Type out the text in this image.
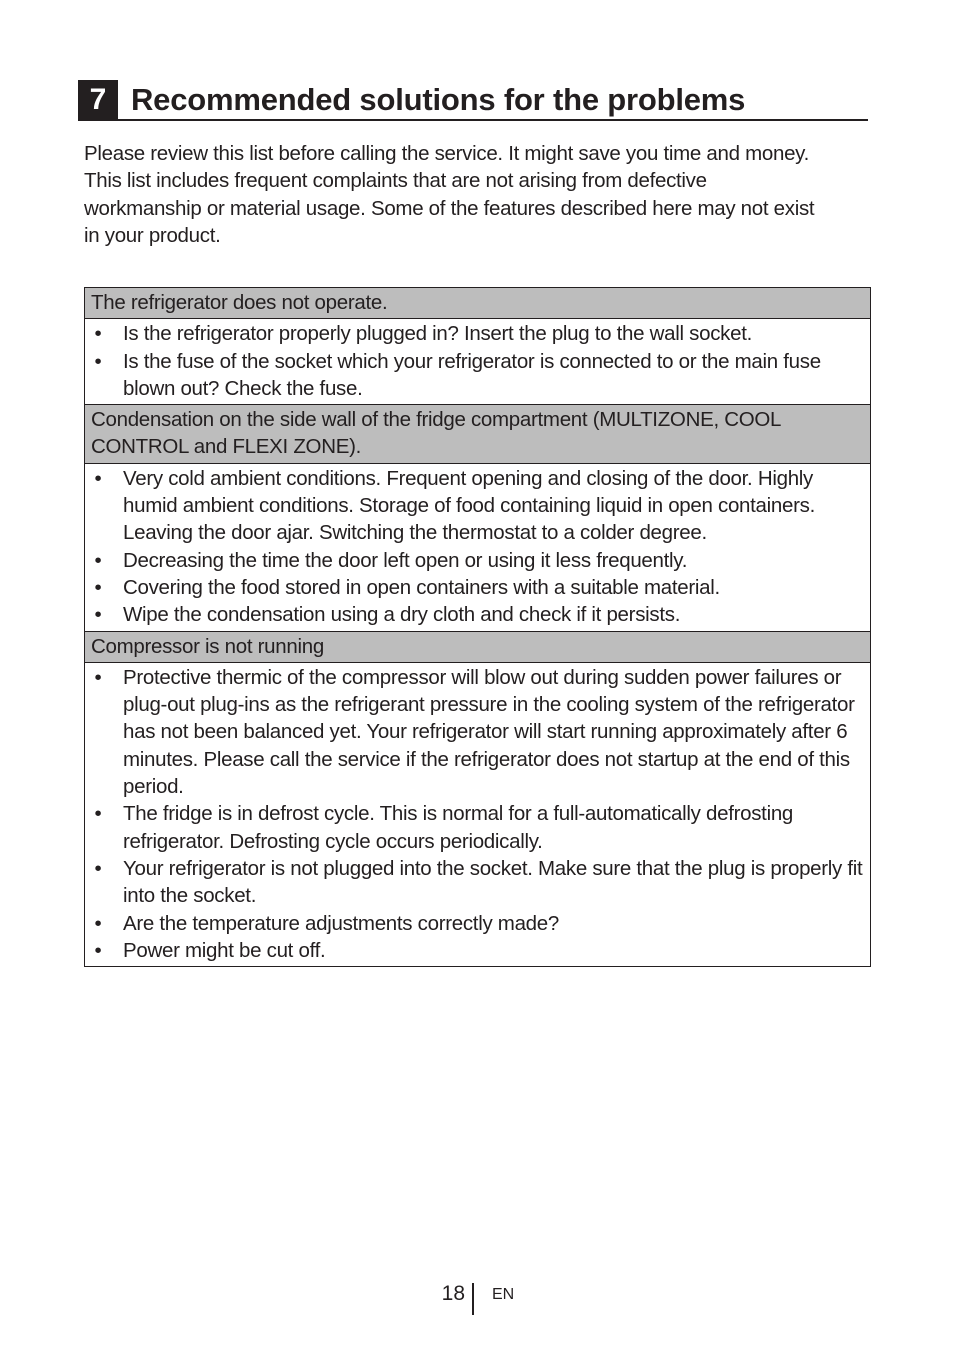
7 Recommended solutions for the problems

Please review this list before calling the service. It might save you time and money. This list includes frequent complaints that are not arising from defective workmanship or material usage. Some of the features described here may not exist in your product.

The refrigerator does not operate.

• Is the refrigerator properly plugged in? Insert the plug to the wall socket.
• Is the fuse of the socket which your refrigerator is connected to or the main fuse blown out? Check the fuse.

Condensation on the side wall of the fridge compartment (MULTIZONE, COOL CONTROL and FLEXI ZONE).

• Very cold ambient conditions. Frequent opening and closing of the door. Highly humid ambient conditions. Storage of food containing liquid in open containers. Leaving the door ajar. Switching the thermostat to a colder degree.
• Decreasing the time the door left open or using it less frequently.
• Covering the food stored in open containers with a suitable material.
• Wipe the condensation using a dry cloth and check if it persists.

Compressor is not running

• Protective thermic of the compressor will blow out during sudden power failures or plug-out plug-ins as the refrigerant pressure in the cooling system of the refrigerator has not been balanced yet. Your refrigerator will start running approximately after 6 minutes. Please call the service if the refrigerator does not startup at the end of this period.
• The fridge is in defrost cycle. This is normal for a full-automatically defrosting refrigerator. Defrosting cycle occurs periodically.
• Your refrigerator is not plugged into the socket. Make sure that the plug is properly fit into the socket.
• Are the temperature adjustments correctly made?
• Power might be cut off.
18 EN
